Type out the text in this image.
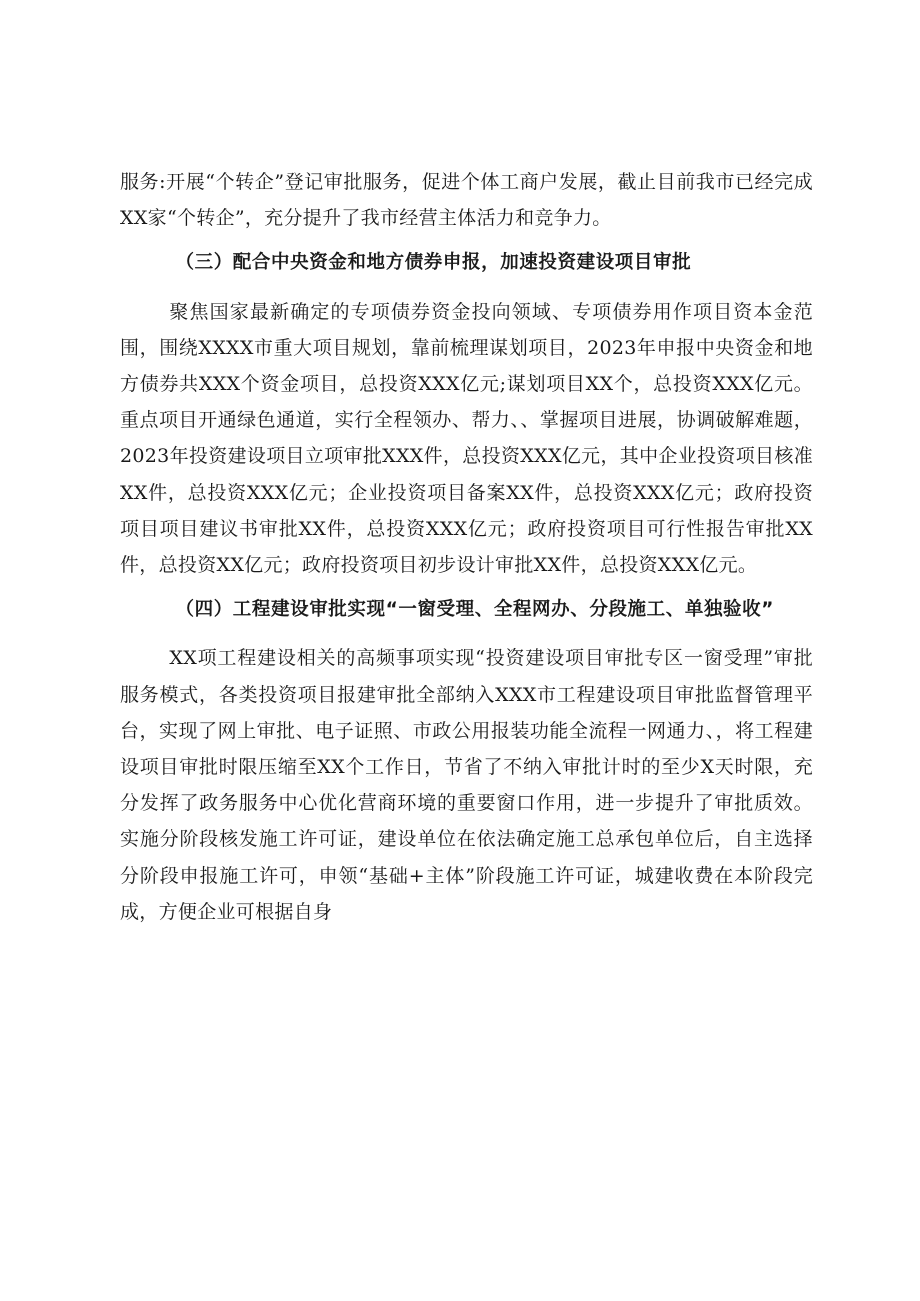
服务:开展“个转企”登记审批服务，促进个体工商户发展，截止目前我市已经完成XX家“个转企”，充分提升了我市经营主体活力和竞争力。

（三）配合中央资金和地方债券申报，加速投资建设项目审批

聚焦国家最新确定的专项债券资金投向领域、专项债券用作项目资本金范围，围绕XXXX市重大项目规划，靠前梳理谋划项目，2023年申报中央资金和地方债券共XXX个资金项目，总投资XXX亿元;谋划项目XX个，总投资XXX亿元。重点项目开通绿色通道，实行全程领办、帮力、、掌握项目进展，协调破解难题，2023年投资建设项目立项审批XXX件，总投资XXX亿元，其中企业投资项目核准XX件，总投资XXX亿元；企业投资项目备案XX件，总投资XXX亿元；政府投资项目项目建议书审批XX件，总投资XXX亿元；政府投资项目可行性报告审批XX件，总投资XX亿元；政府投资项目初步设计审批XX件，总投资XXX亿元。

（四）工程建设审批实现“一窗受理、全程网办、分段施工、单独验收”

XX项工程建设相关的高频事项实现“投资建设项目审批专区一窗受理”审批服务模式，各类投资项目报建审批全部纳入XXX市工程建设项目审批监督管理平台，实现了网上审批、电子证照、市政公用报装功能全流程一网通力、，将工程建设项目审批时限压缩至XX个工作日，节省了不纳入审批计时的至少X天时限，充分发挥了政务服务中心优化营商环境的重要窗口作用，进一步提升了审批质效。实施分阶段核发施工许可证，建设单位在依法确定施工总承包单位后，自主选择分阶段申报施工许可，申领“基础+主体”阶段施工许可证，城建收费在本阶段完成，方便企业可根据自身
